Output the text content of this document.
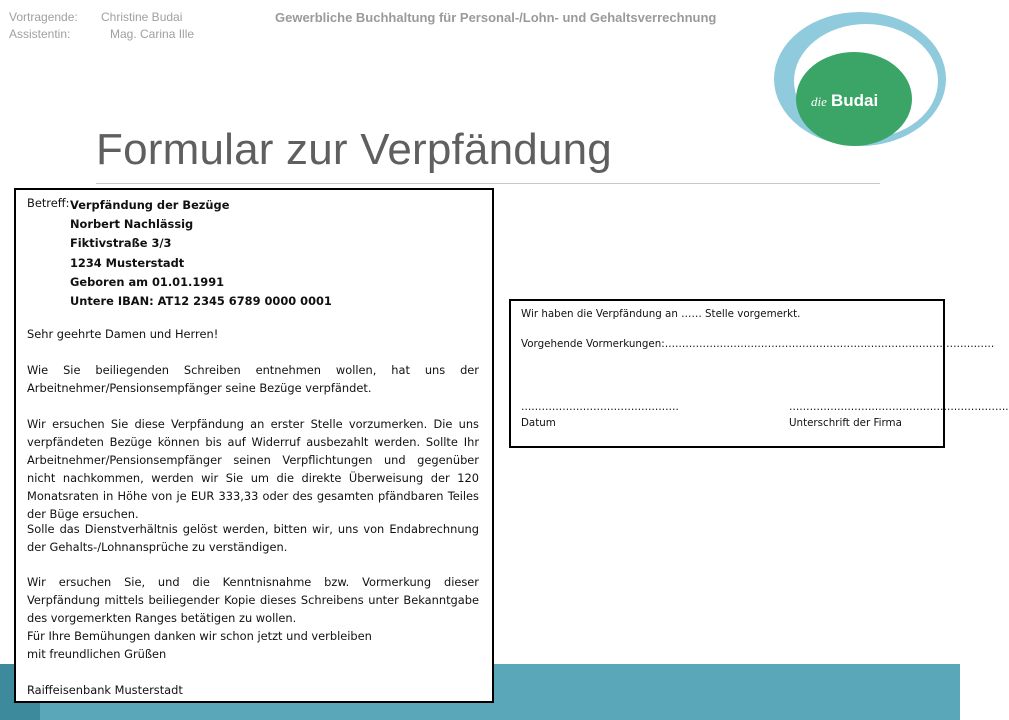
Vortragende:	Christine Budai
Assistentin:	Mag. Carina Ille
Gewerbliche Buchhaltung für Personal-/Lohn- und Gehaltsverrechnung
die Budai
Formular zur Verpfändung
Betreff: Verpfändung der Bezüge
Norbert Nachlässig
Fiktivstraße 3/3
1234 Musterstadt
Geboren am 01.01.1991
Untere IBAN: AT12 2345 6789 0000 0001
Sehr geehrte Damen und Herren!
Wie Sie beiliegenden Schreiben entnehmen wollen, hat uns der Arbeitnehmer/Pensionsempfänger seine Bezüge verpfändet.
Wir ersuchen Sie diese Verpfändung an erster Stelle vorzumerken. Die uns verpfändeten Bezüge können bis auf Widerruf ausbezahlt werden. Sollte Ihr Arbeitnehmer/Pensionsempfänger seinen Verpflichtungen und gegenüber nicht nachkommen, werden wir Sie um die direkte Überweisung der 120 Monatsraten in Höhe von je EUR 333,33 oder des gesamten pfändbaren Teiles der Büge ersuchen.
Solle das Dienstverhältnis gelöst werden, bitten wir, uns von Endabrechnung der Gehalts-/Lohnansprüche zu verständigen.
Wir ersuchen Sie, und die Kenntnisnahme bzw. Vormerkung dieser Verpfändung mittels beiliegender Kopie dieses Schreibens unter Bekanntgabe des vorgemerkten Ranges betätigen zu wollen.
Für Ihre Bemühungen danken wir schon jetzt und verbleiben
mit freundlichen Grüßen
Raiffeisenbank Musterstadt
Wir haben die Verpfändung an …… Stelle vorgemerkt.
Vorgehende Vormerkungen:……………………………………………………………………………………
……………………………………….	……………………………………………………….
Datum	Unterschrift der Firma
